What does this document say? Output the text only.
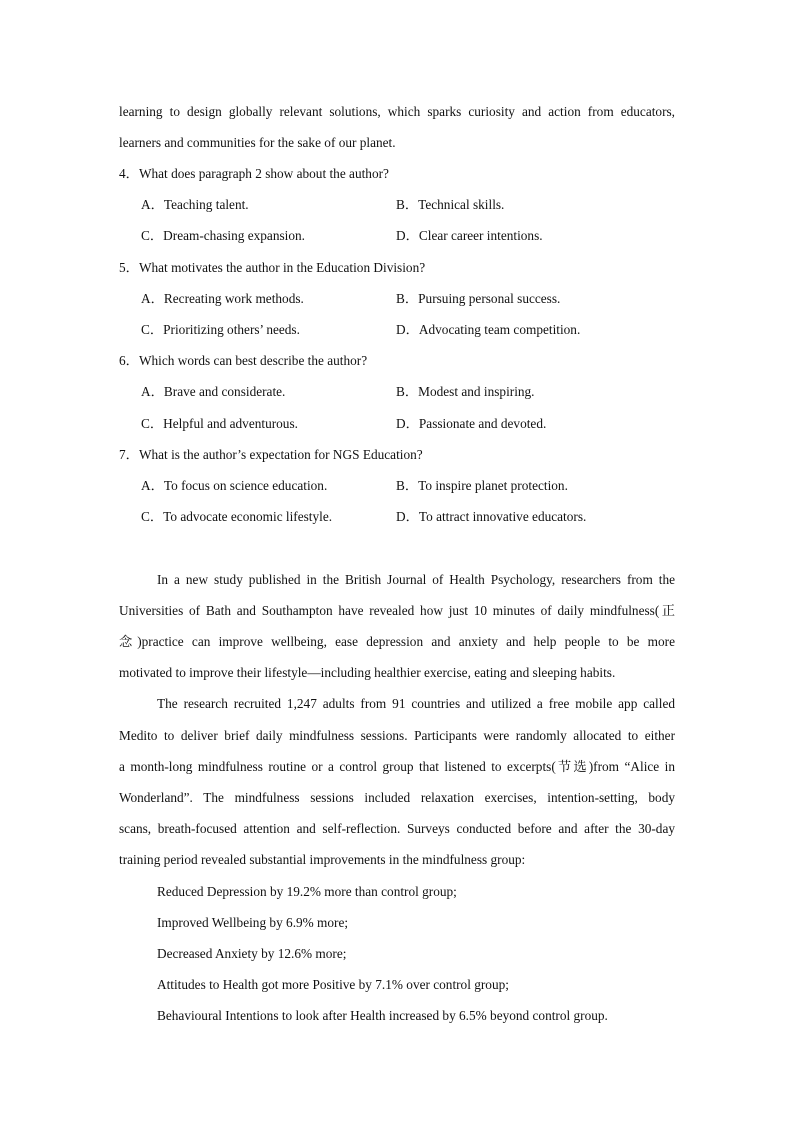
learning to design globally relevant solutions, which sparks curiosity and action from educators,
learners and communities for the sake of our planet.
4．What does paragraph 2 show about the author?
A．Teaching talent.	B．Technical skills.
C．Dream-chasing expansion.	D．Clear career intentions.
5．What motivates the author in the Education Division?
A．Recreating work methods.	B．Pursuing personal success.
C．Prioritizing others’ needs.	D．Advocating team competition.
6．Which words can best describe the author?
A．Brave and considerate.	B．Modest and inspiring.
C．Helpful and adventurous.	D．Passionate and devoted.
7．What is the author’s expectation for NGS Education?
A．To focus on science education.	B．To inspire planet protection.
C．To advocate economic lifestyle.	D．To attract innovative educators.
In a new study published in the British Journal of Health Psychology, researchers from the
Universities of Bath and Southampton have revealed how just 10 minutes of daily mindfulness(正
念)practice can improve wellbeing, ease depression and anxiety and help people to be more
motivated to improve their lifestyle—including healthier exercise, eating and sleeping habits.
The research recruited 1,247 adults from 91 countries and utilized a free mobile app called
Medito to deliver brief daily mindfulness sessions. Participants were randomly allocated to either
a month-long mindfulness routine or a control group that listened to excerpts(节选)from “Alice in
Wonderland”. The mindfulness sessions included relaxation exercises, intention-setting, body
scans, breath-focused attention and self-reflection. Surveys conducted before and after the 30-day
training period revealed substantial improvements in the mindfulness group:
Reduced Depression by 19.2% more than control group;
Improved Wellbeing by 6.9% more;
Decreased Anxiety by 12.6% more;
Attitudes to Health got more Positive by 7.1% over control group;
Behavioural Intentions to look after Health increased by 6.5% beyond control group.
